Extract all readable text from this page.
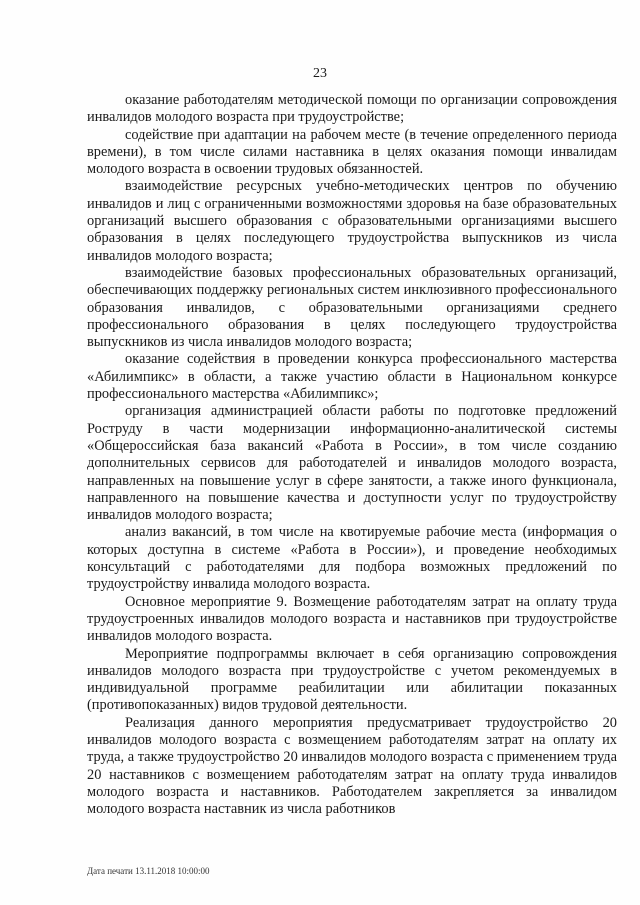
23

оказание работодателям методической помощи по организации сопровождения инвалидов молодого возраста при трудоустройстве;

содействие при адаптации на рабочем месте (в течение определенного периода времени), в том числе силами наставника в целях оказания помощи инвалидам молодого возраста в освоении трудовых обязанностей.

взаимодействие ресурсных учебно-методических центров по обучению инвалидов и лиц с ограниченными возможностями здоровья на базе образовательных организаций высшего образования с образовательными организациями высшего образования в целях последующего трудоустройства выпускников из числа инвалидов молодого возраста;

взаимодействие базовых профессиональных образовательных организаций, обеспечивающих поддержку региональных систем инклюзивного профессионального образования инвалидов, с образовательными организациями среднего профессионального образования в целях последующего трудоустройства выпускников из числа инвалидов молодого возраста;

оказание содействия в проведении конкурса профессионального мастерства «Абилимпикс» в области, а также участию области в Национальном конкурсе профессионального мастерства «Абилимпикс»;

организация администрацией области работы по подготовке предложений Роструду в части модернизации информационно-аналитической системы «Общероссийская база вакансий «Работа в России», в том числе созданию дополнительных сервисов для работодателей и инвалидов молодого возраста, направленных на повышение услуг в сфере занятости, а также иного функционала, направленного на повышение качества и доступности услуг по трудоустройству инвалидов молодого возраста;

анализ вакансий, в том числе на квотируемые рабочие места (информация о которых доступна в системе «Работа в России»), и проведение необходимых консультаций с работодателями для подбора возможных предложений по трудоустройству инвалида молодого возраста.

Основное мероприятие 9. Возмещение работодателям затрат на оплату труда трудоустроенных инвалидов молодого возраста и наставников при трудоустройстве инвалидов молодого возраста.

Мероприятие подпрограммы включает в себя организацию сопровождения инвалидов молодого возраста при трудоустройстве с учетом рекомендуемых в индивидуальной программе реабилитации или абилитации показанных (противопоказанных) видов трудовой деятельности.

Реализация данного мероприятия предусматривает трудоустройство 20 инвалидов молодого возраста с возмещением работодателям затрат на оплату их труда, а также трудоустройство 20 инвалидов молодого возраста с применением труда 20 наставников с возмещением работодателям затрат на оплату труда инвалидов молодого возраста и наставников. Работодателем закрепляется за инвалидом молодого возраста наставник из числа работников

Дата печати 13.11.2018 10:00:00
